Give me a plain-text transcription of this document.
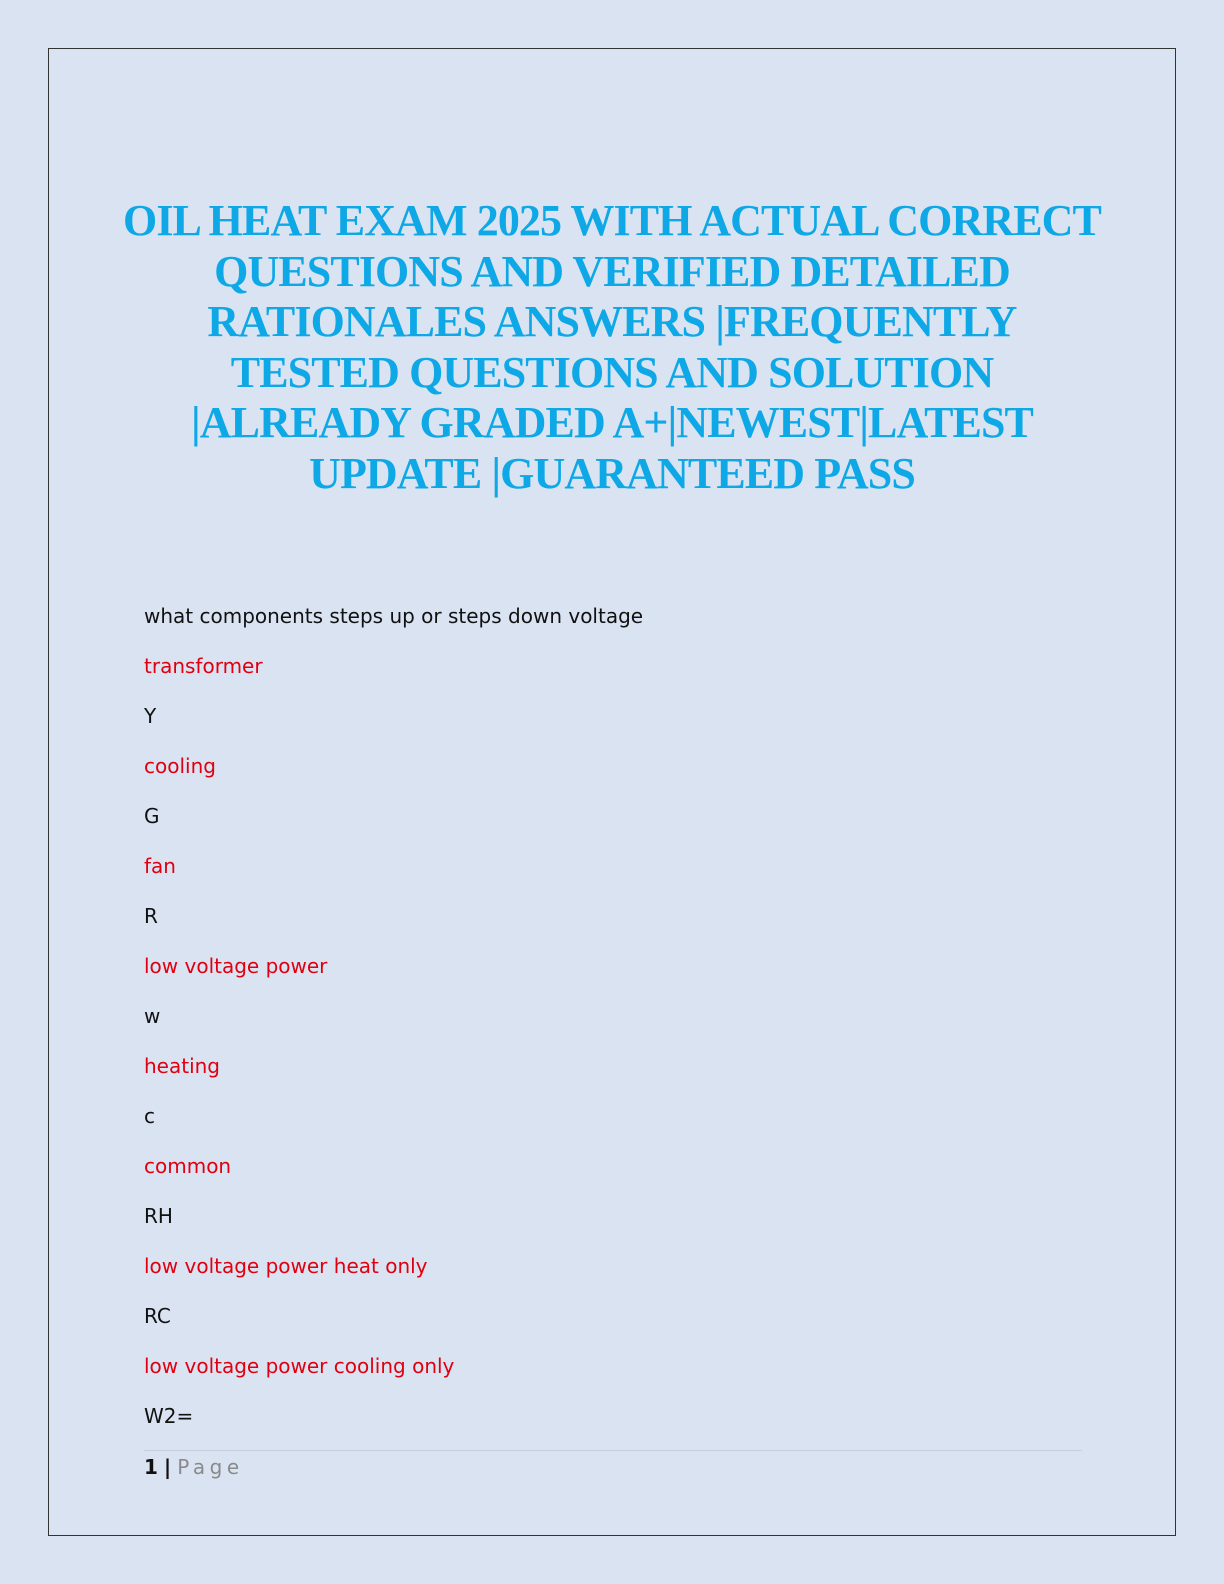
OIL HEAT EXAM 2025 WITH ACTUAL CORRECT QUESTIONS AND VERIFIED DETAILED RATIONALES ANSWERS |FREQUENTLY TESTED QUESTIONS AND SOLUTION |ALREADY GRADED A+|NEWEST|LATEST UPDATE |GUARANTEED PASS
what components steps up or steps down voltage
transformer
Y
cooling
G
fan
R
low voltage power
w
heating
c
common
RH
low voltage power heat only
RC
low voltage power cooling only
W2=
1 | Page
